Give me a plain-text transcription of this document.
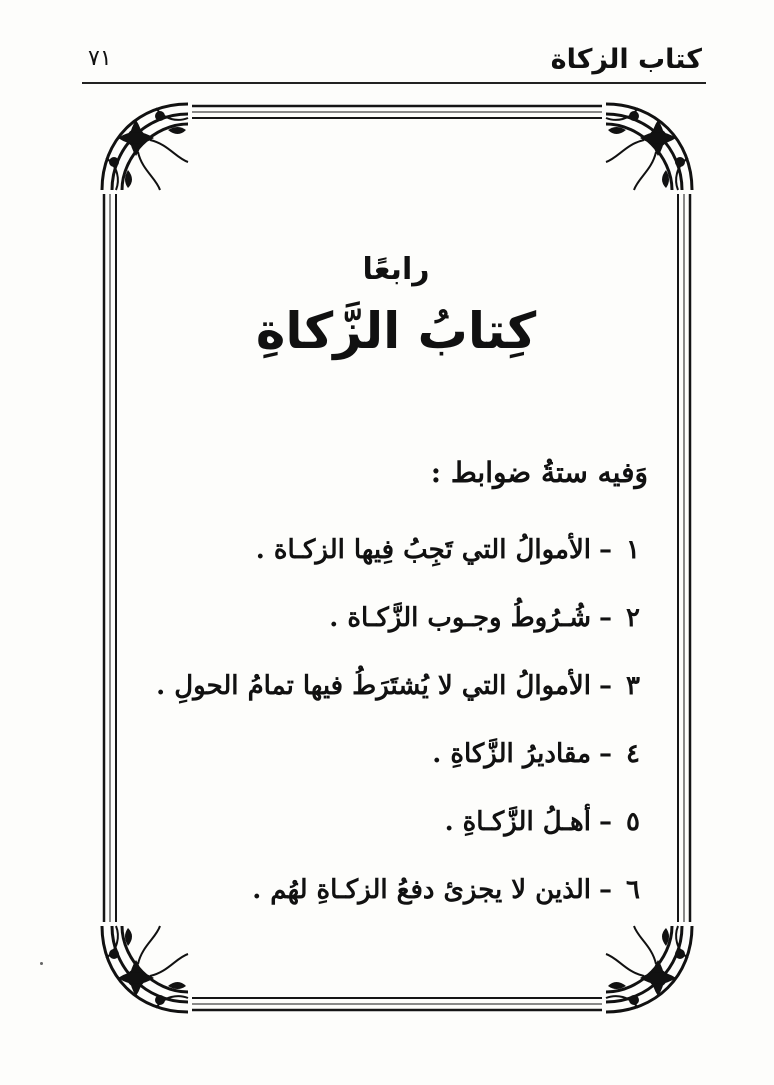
كتاب الزكاة
٧١
رابعًا
كِتابُ الزَّكاةِ
وَفيه ستةُ ضوابط :
١–الأموالُ التي تَجِبُ فِيها الزكـاة .
٢–شُـرُوطُ وجـوب الزَّكـاة .
٣–الأموالُ التي لا يُشتَرَطُ فيها تمامُ الحولِ .
٤–مقاديرُ الزَّكاةِ .
٥–أهـلُ الزَّكـاةِ .
٦–الذين لا يجزئ دفعُ الزكـاةِ لهُم .
